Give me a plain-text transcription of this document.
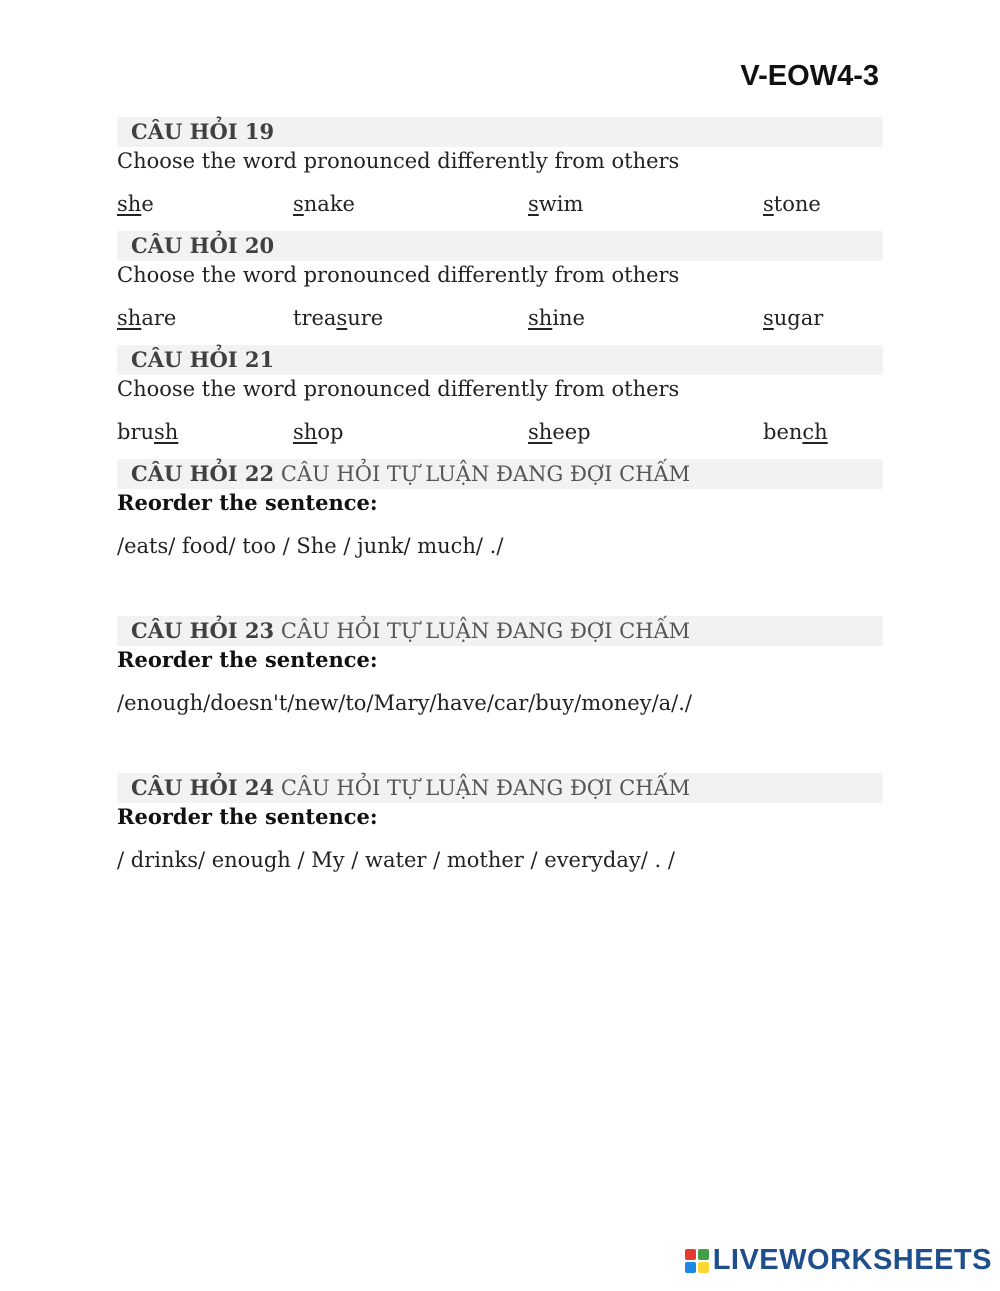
V-EOW4-3
CÂU HỎI 19
Choose the word pronounced differently from others
she	snake	swim	stone
CÂU HỎI 20
Choose the word pronounced differently from others
share	treasure	shine	sugar
CÂU HỎI 21
Choose the word pronounced differently from others
brush	shop	sheep	bench
CÂU HỎI 22 CÂU HỎI TỰ LUẬN ĐANG ĐỢI CHẤM
Reorder the sentence:
/eats/ food/ too / She / junk/ much/ ./
CÂU HỎI 23 CÂU HỎI TỰ LUẬN ĐANG ĐỢI CHẤM
Reorder the sentence:
/enough/doesn't/new/to/Mary/have/car/buy/money/a/./
CÂU HỎI 24 CÂU HỎI TỰ LUẬN ĐANG ĐỢI CHẤM
Reorder the sentence:
/ drinks/ enough / My / water / mother / everyday/ . /
LIVEWORKSHEETS
